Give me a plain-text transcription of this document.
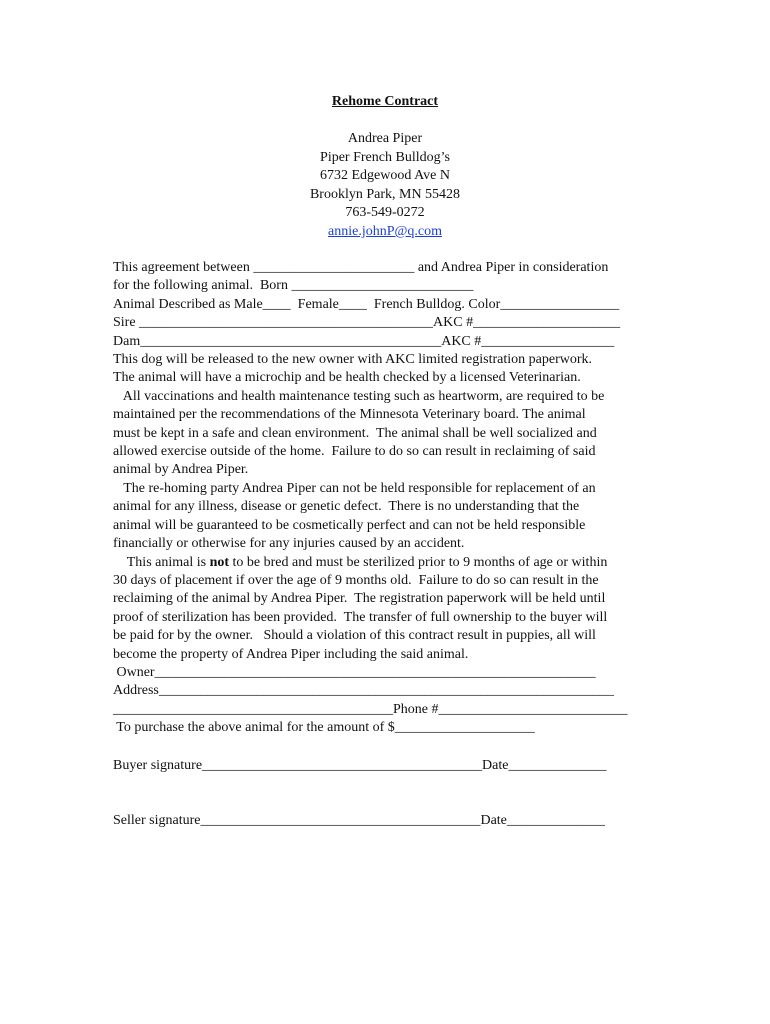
Rehome Contract
Andrea Piper
Piper French Bulldog’s
6732 Edgewood Ave N
Brooklyn Park, MN 55428
763-549-0272
annie.johnP@q.com
This agreement between _______________________ and Andrea Piper in consideration
for the following animal.  Born __________________________
Animal Described as Male____  Female____  French Bulldog. Color_________________
Sire __________________________________________AKC #_____________________
Dam___________________________________________AKC #___________________
This dog will be released to the new owner with AKC limited registration paperwork.
The animal will have a microchip and be health checked by a licensed Veterinarian.
All vaccinations and health maintenance testing such as heartworm, are required to be
maintained per the recommendations of the Minnesota Veterinary board. The animal
must be kept in a safe and clean environment.  The animal shall be well socialized and
allowed exercise outside of the home.  Failure to do so can result in reclaiming of said
animal by Andrea Piper.
The re-homing party Andrea Piper can not be held responsible for replacement of an
animal for any illness, disease or genetic defect.  There is no understanding that the
animal will be guaranteed to be cosmetically perfect and can not be held responsible
financially or otherwise for any injuries caused by an accident.
This animal is not to be bred and must be sterilized prior to 9 months of age or within
30 days of placement if over the age of 9 months old.  Failure to do so can result in the
reclaiming of the animal by Andrea Piper.  The registration paperwork will be held until
proof of sterilization has been provided.  The transfer of full ownership to the buyer will
be paid for by the owner.   Should a violation of this contract result in puppies, all will
become the property of Andrea Piper including the said animal.
Owner_______________________________________________________________
Address_________________________________________________________________
________________________________________Phone #___________________________
To purchase the above animal for the amount of $____________________
Buyer signature________________________________________Date______________
Seller signature________________________________________Date______________
